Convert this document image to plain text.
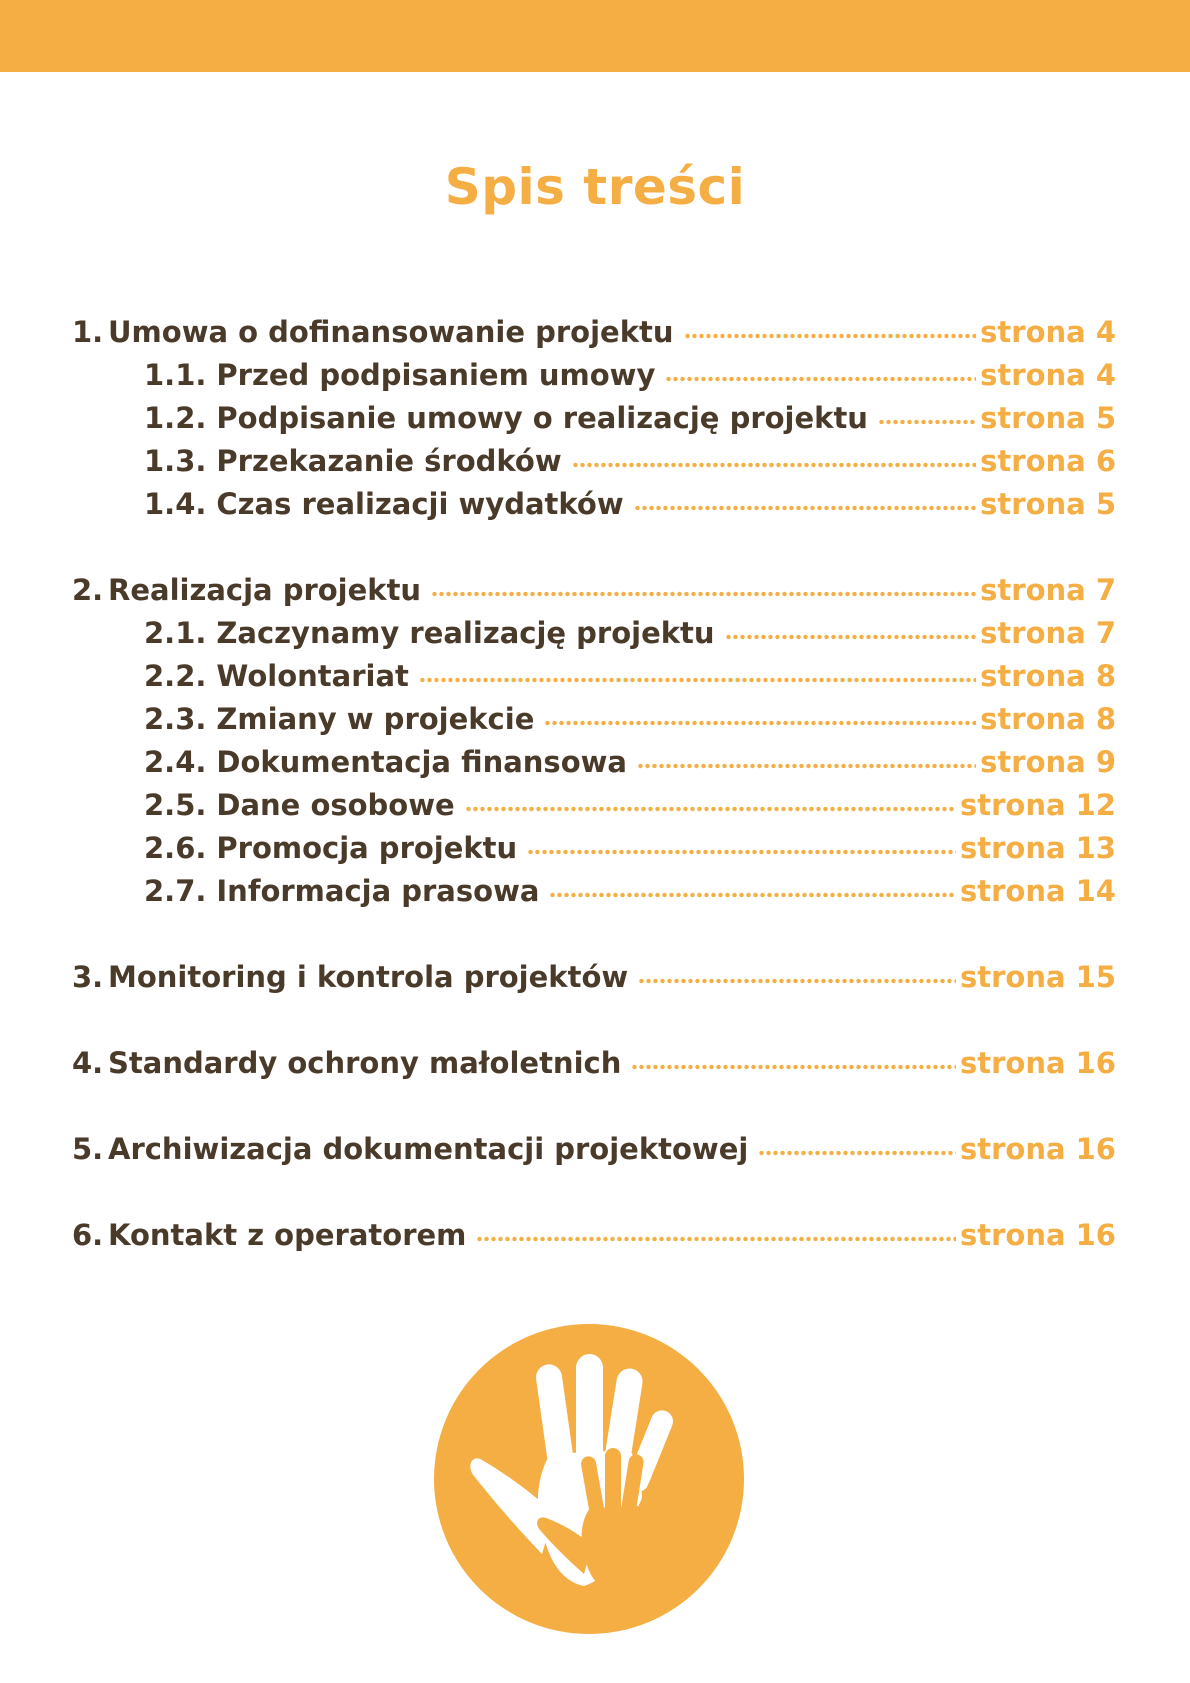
Spis treści
1. Umowa o dofinansowanie projektu	strona 4
1.1. Przed podpisaniem umowy	strona 4
1.2. Podpisanie umowy o realizację projektu	strona 5
1.3. Przekazanie środków	strona 6
1.4. Czas realizacji wydatków	strona 5
2. Realizacja projektu	strona 7
2.1. Zaczynamy realizację projektu	strona 7
2.2. Wolontariat	strona 8
2.3. Zmiany w projekcie	strona 8
2.4. Dokumentacja finansowa	strona 9
2.5. Dane osobowe	strona 12
2.6. Promocja projektu	strona 13
2.7. Informacja prasowa	strona 14
3. Monitoring i kontrola projektów	strona 15
4. Standardy ochrony małoletnich	strona 16
5. Archiwizacja dokumentacji projektowej	strona 16
6. Kontakt z operatorem	strona 16
